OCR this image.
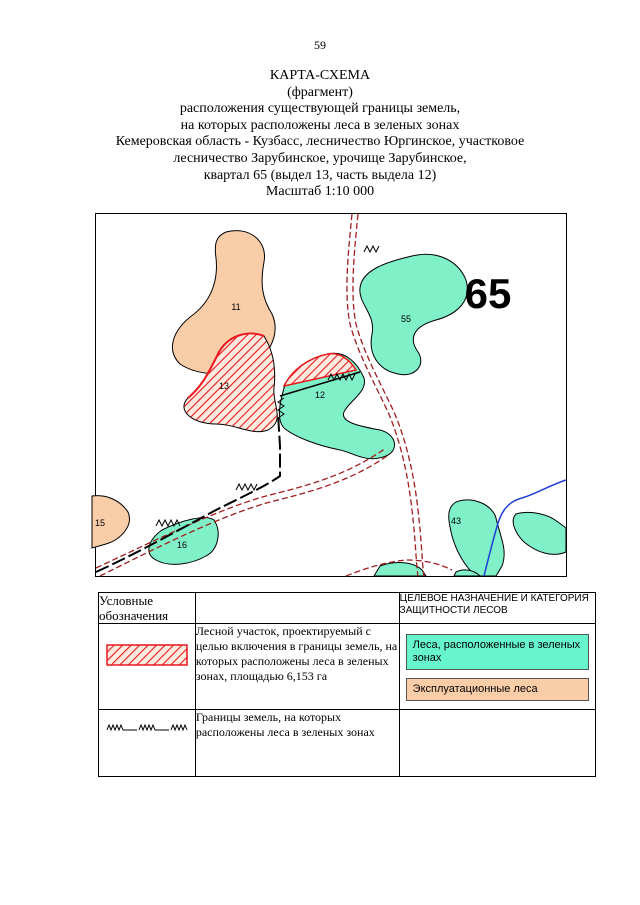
59
КАРТА-СХЕМА
(фрагмент)
расположения существующей границы земель,
на которых расположены леса в зеленых зонах
Кемеровская область - Кузбасс, лесничество Юргинское, участковое
лесничество Зарубинское, урочище Зарубинское,
квартал 65 (выдел 13, часть выдела 12)
Масштаб 1:10 000
11
13
12
55
15
16
43
65
Условные обозначения		ЦЕЛЕВОЕ НАЗНАЧЕНИЕ И КАТЕГОРИЯ ЗАЩИТНОСТИ ЛЕСОВ

	Лесной участок, проектируемый с целью включения в границы земель, на которых расположены леса в зеленых зонах, площадью 6,153 га	Леса, расположенные в зеленых зонах
Эксплуатационные леса

	Границы земель, на которых расположены леса в зеленых зонах	
